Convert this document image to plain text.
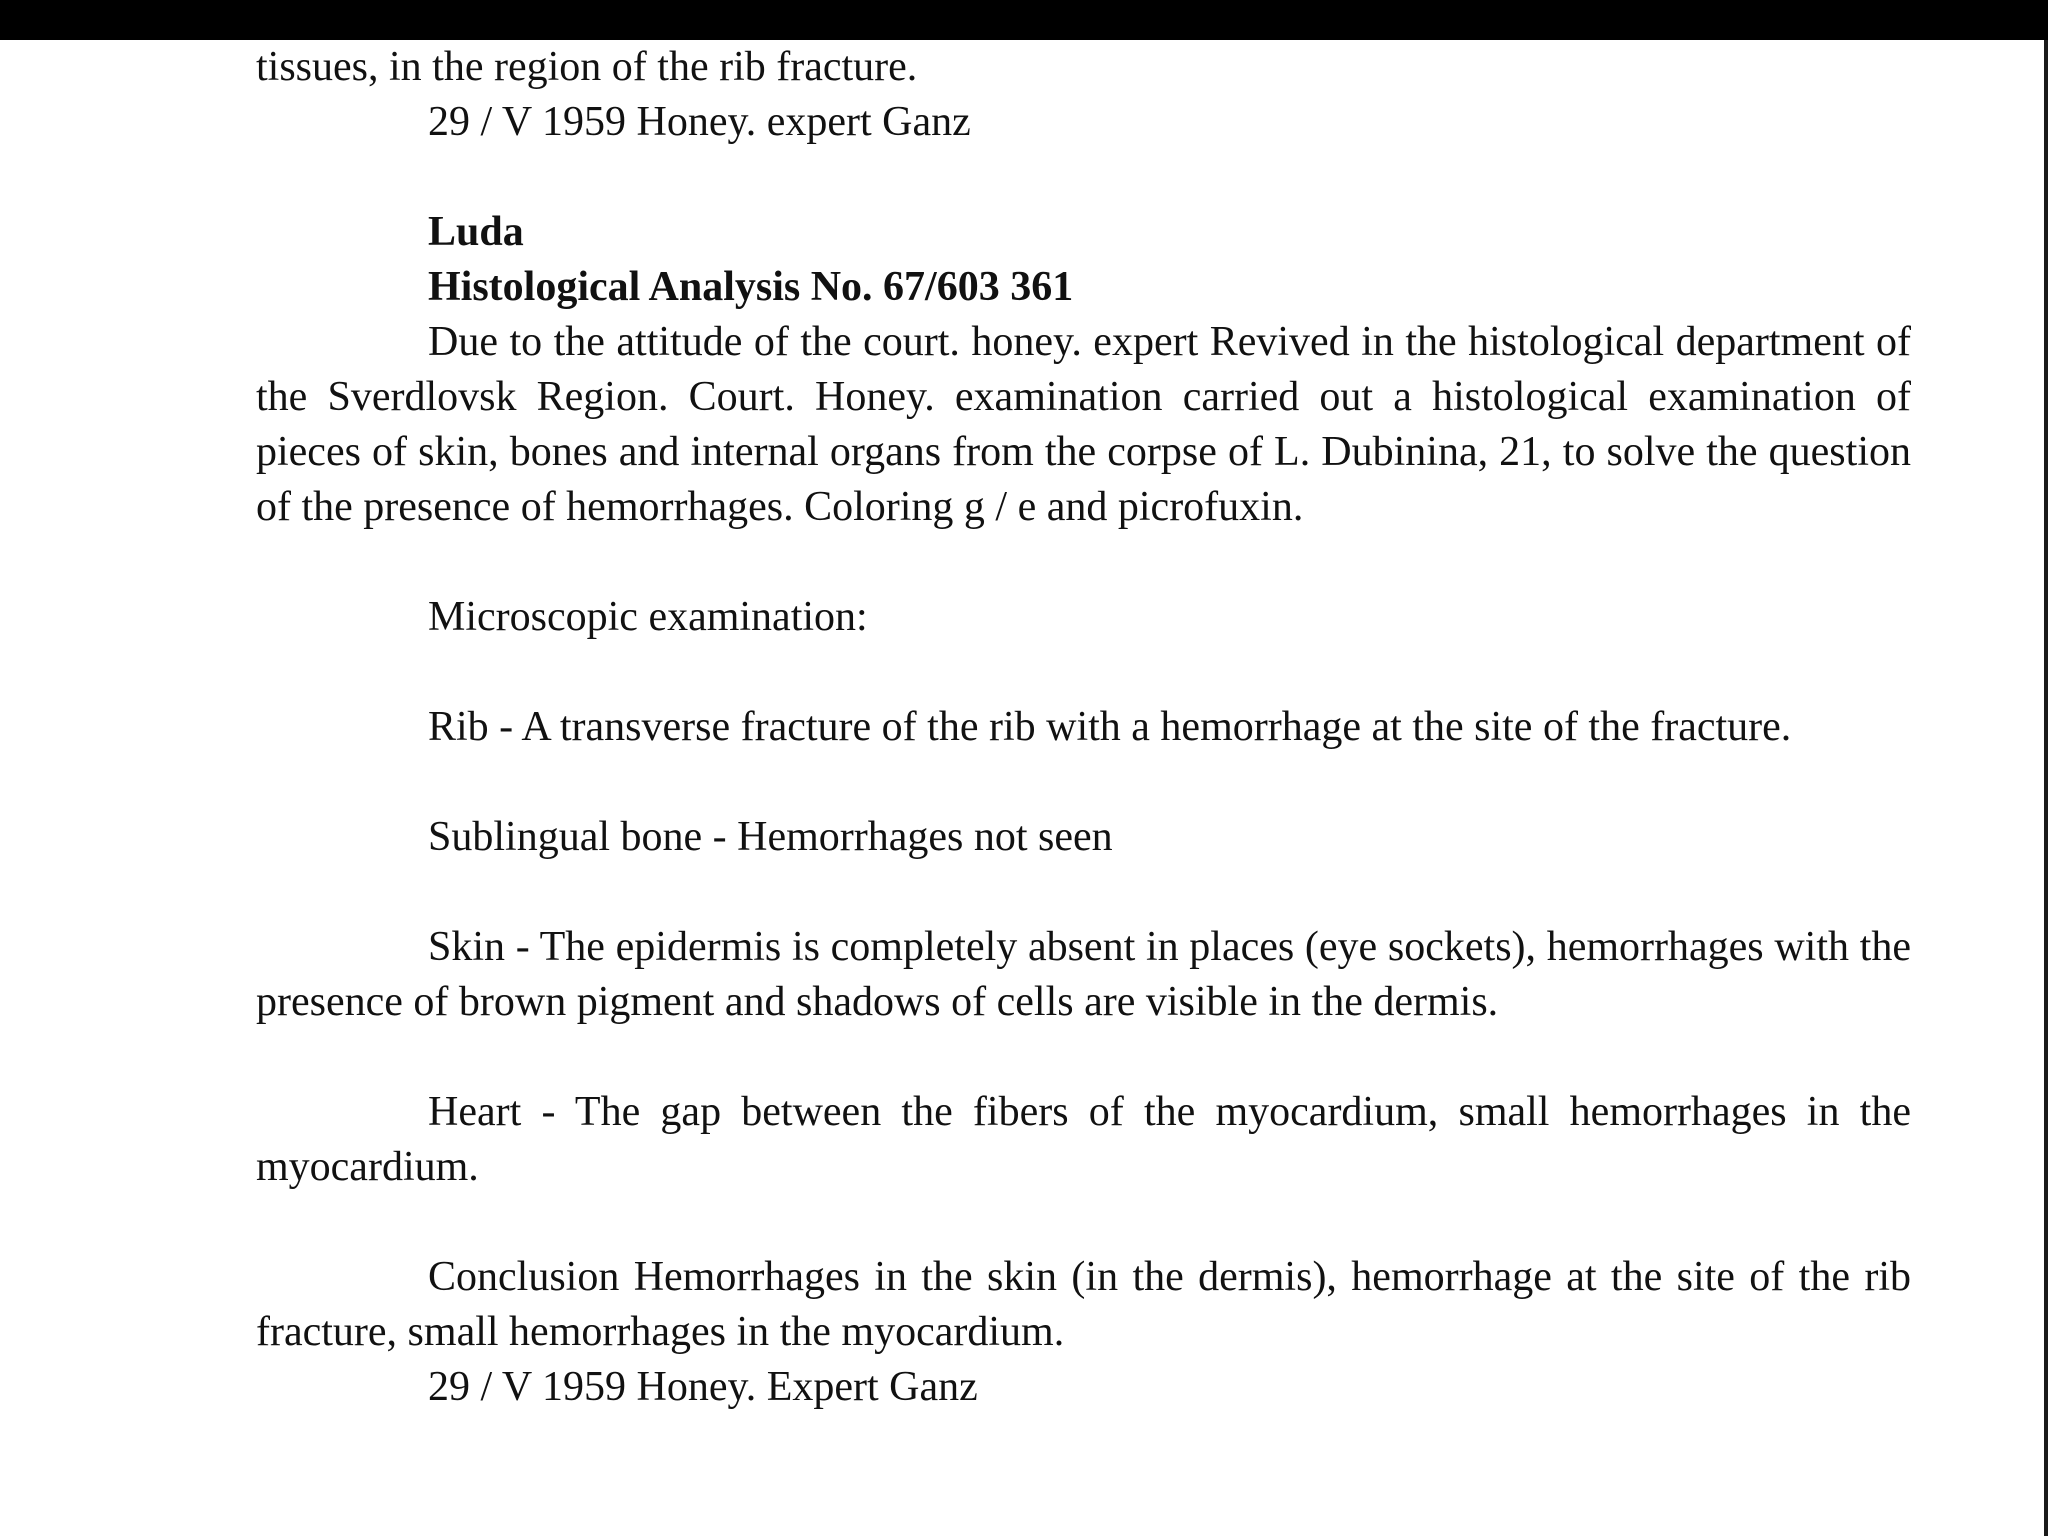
tissues, in the region of the rib fracture.
29 / V 1959 Honey. expert Ganz
Luda
Histological Analysis No. 67/603 361

Due to the attitude of the court. honey. expert Revived in the histological department of the Sverdlovsk Region. Court. Honey. examination carried out a histological examination of pieces of skin, bones and internal organs from the corpse of L. Dubinina, 21, to solve the question of the presence of hemorrhages. Coloring g / e and picrofuxin.

Microscopic examination:

Rib - A transverse fracture of the rib with a hemorrhage at the site of the fracture.

Sublingual bone - Hemorrhages not seen

Skin - The epidermis is completely absent in places (eye sockets), hemorrhages with the presence of brown pigment and shadows of cells are visible in the dermis.

Heart - The gap between the fibers of the myocardium, small hemorrhages in the myocardium.

Conclusion Hemorrhages in the skin (in the dermis), hemorrhage at the site of the rib fracture, small hemorrhages in the myocardium.

29 / V 1959 Honey. Expert Ganz
